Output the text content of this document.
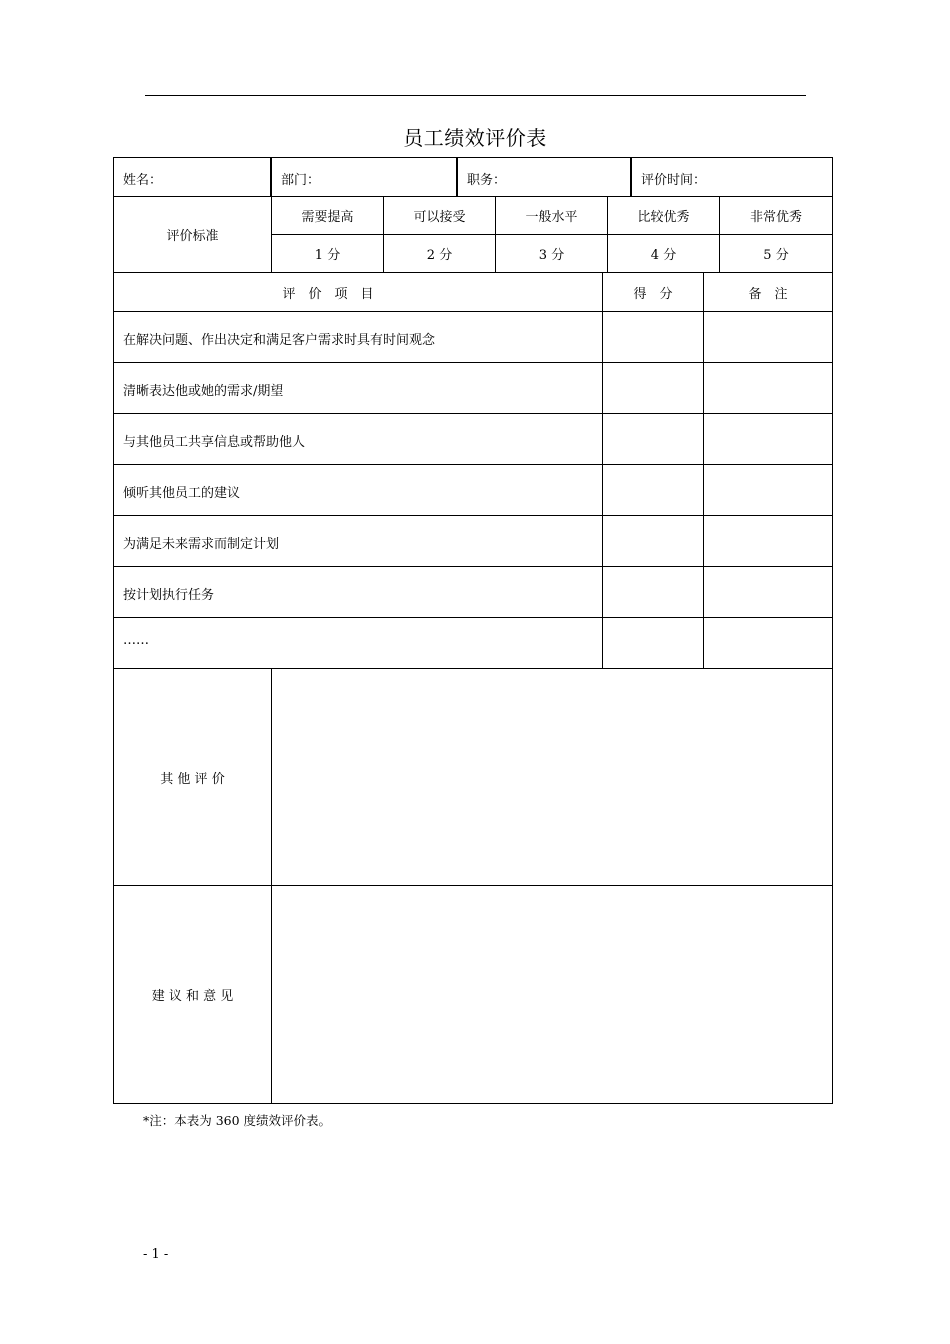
员工绩效评价表
姓名：	部门：	职务：	评价时间：
评价标准
需要提高	可以接受	一般水平	比较优秀	非常优秀
1 分	2 分	3 分	4 分	5 分
评　价　项　目	得　分	备　注
在解决问题、作出决定和满足客户需求时具有时间观念
清晰表达他或她的需求/期望
与其他员工共享信息或帮助他人
倾听其他员工的建议
为满足未来需求而制定计划
按计划执行任务
……
其 他 评 价
建 议 和 意 见
*注：本表为 360 度绩效评价表。
- 1 -
